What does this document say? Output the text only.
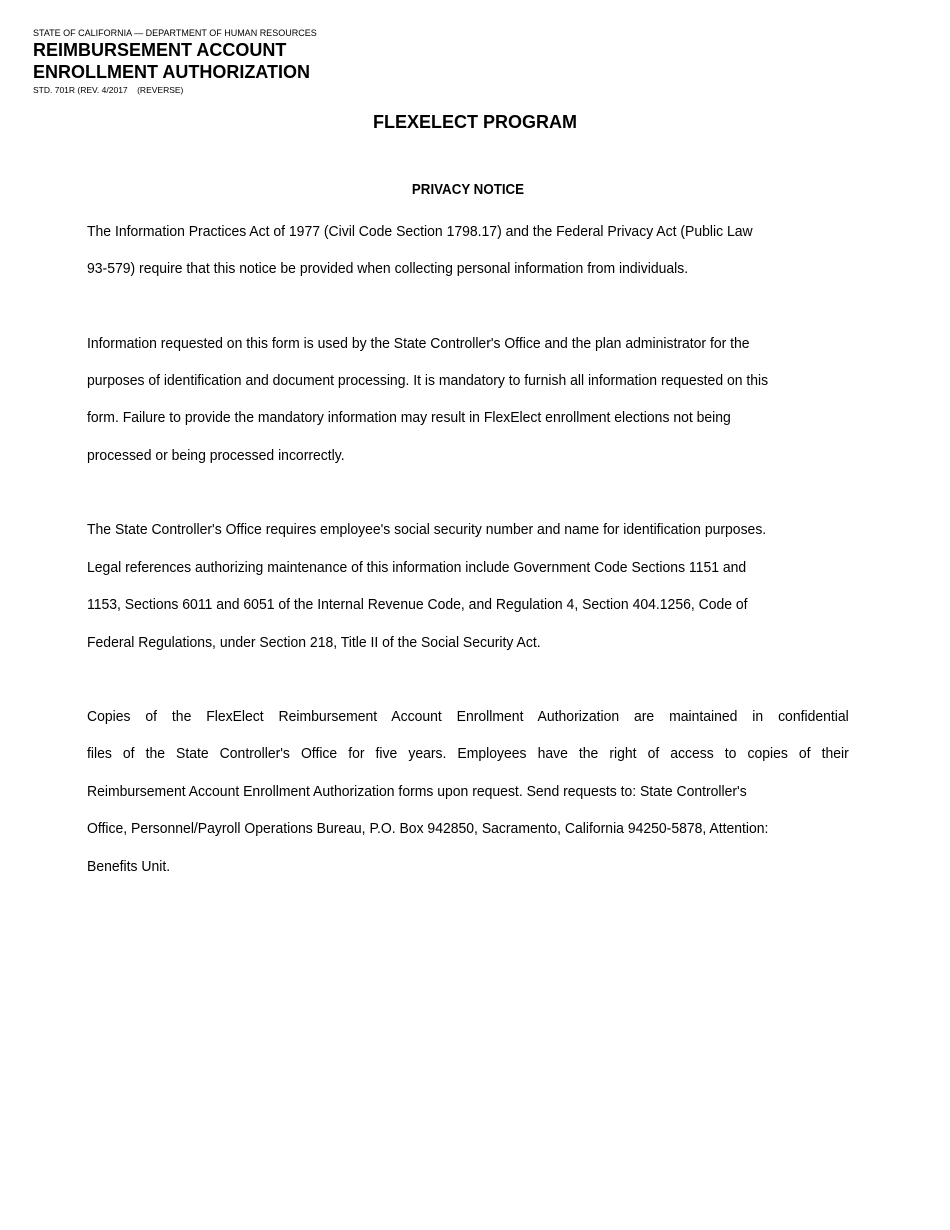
STATE OF CALIFORNIA — DEPARTMENT OF HUMAN RESOURCES
REIMBURSEMENT ACCOUNT
ENROLLMENT AUTHORIZATION
STD. 701R (REV. 4/2017    (REVERSE)
FLEXELECT PROGRAM
PRIVACY NOTICE

The Information Practices Act of 1977 (Civil Code Section 1798.17) and the Federal Privacy Act (Public Law

93-579) require that this notice be provided when collecting personal information from individuals.

Information requested on this form is used by the State Controller's Office and the plan administrator for the

purposes of identification and document processing. It is mandatory to furnish all information requested on this

form. Failure to provide the mandatory information may result in FlexElect enrollment elections not being

processed or being processed incorrectly.

The State Controller's Office requires employee's social security number and name for identification purposes.

Legal references authorizing maintenance of this information include Government Code Sections 1151 and

1153, Sections 6011 and 6051 of the Internal Revenue Code, and Regulation 4, Section 404.1256, Code of

Federal Regulations, under Section 218, Title II of the Social Security Act.

Copies of the FlexElect Reimbursement Account Enrollment Authorization are maintained in confidential

files of the State Controller's Office for five years. Employees have the right of access to copies of their

Reimbursement Account Enrollment Authorization forms upon request. Send requests to: State Controller's

Office, Personnel/Payroll Operations Bureau, P.O. Box 942850, Sacramento, California 94250-5878, Attention:

Benefits Unit.
